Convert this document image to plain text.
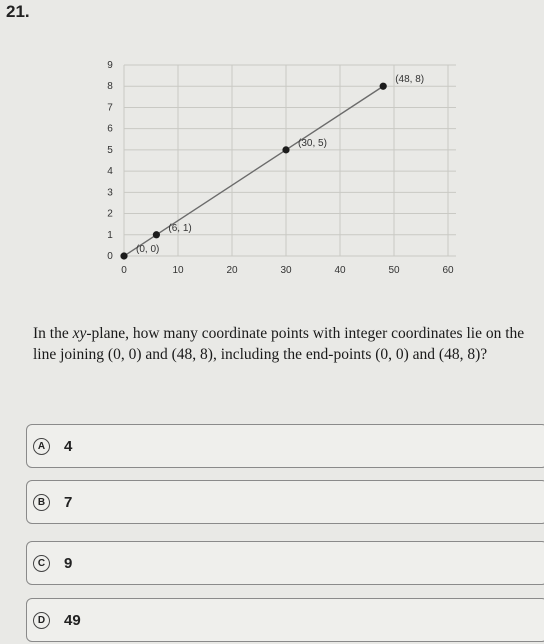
21.
0
1
2
3
4
5
6
7
8
9
0	10	20	30	40	50	60
(0, 0)
(6, 1)
(30, 5)
(48, 8)
In the xy-plane, how many coordinate points with integer coordinates lie on the line joining (0, 0) and (48, 8), including the end-points (0, 0) and (48, 8)?
A	4
B	7
C	9
D	49
